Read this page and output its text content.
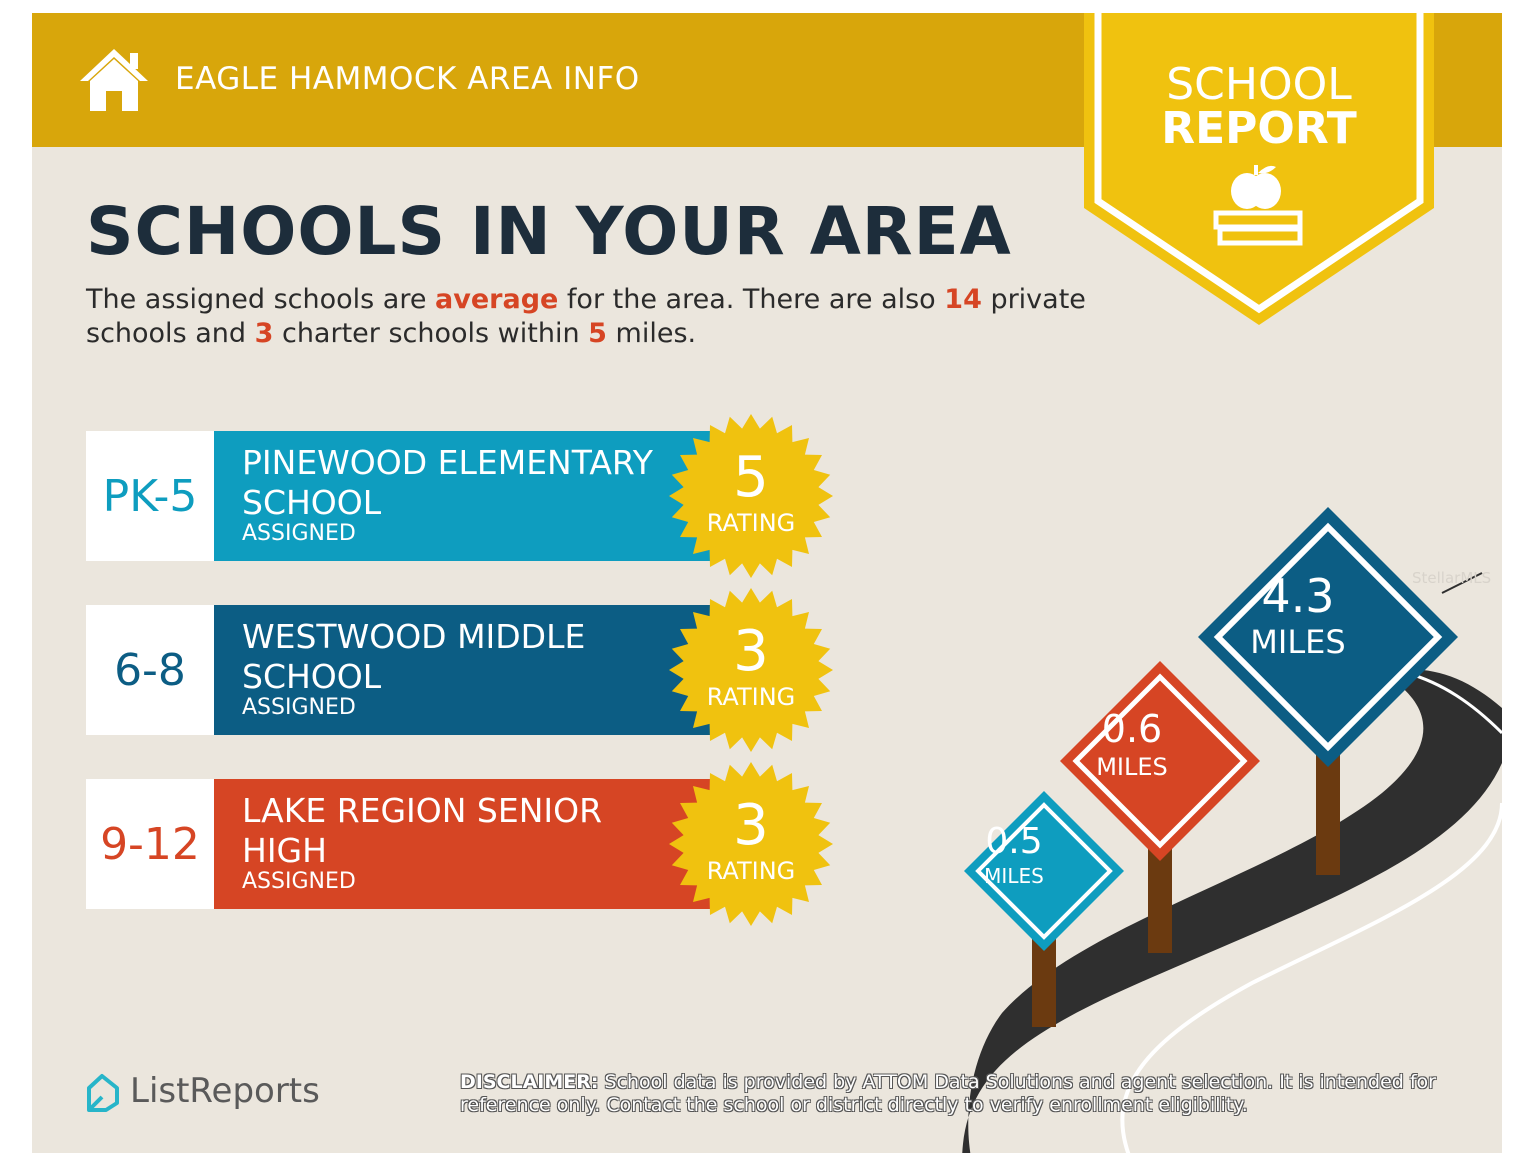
EAGLE HAMMOCK AREA INFO	SCHOOL
REPORT
SCHOOLS IN YOUR AREA
The assigned schools are average for the area. There are also 14 private schools and 3 charter schools within 5 miles.
PK-5
PINEWOOD ELEMENTARY SCHOOL
ASSIGNED
5
RATING
6-8
WESTWOOD MIDDLE SCHOOL
ASSIGNED
3
RATING
9-12
LAKE REGION SENIOR HIGH
ASSIGNED
3
RATING
0.5
MILES
0.6
MILES
4.3
MILES
StellarMLS
ListReports	DISCLAIMER: School data is provided by ATTOM Data Solutions and agent selection. It is intended for reference only. Contact the school or district directly to verify enrollment eligibility.
